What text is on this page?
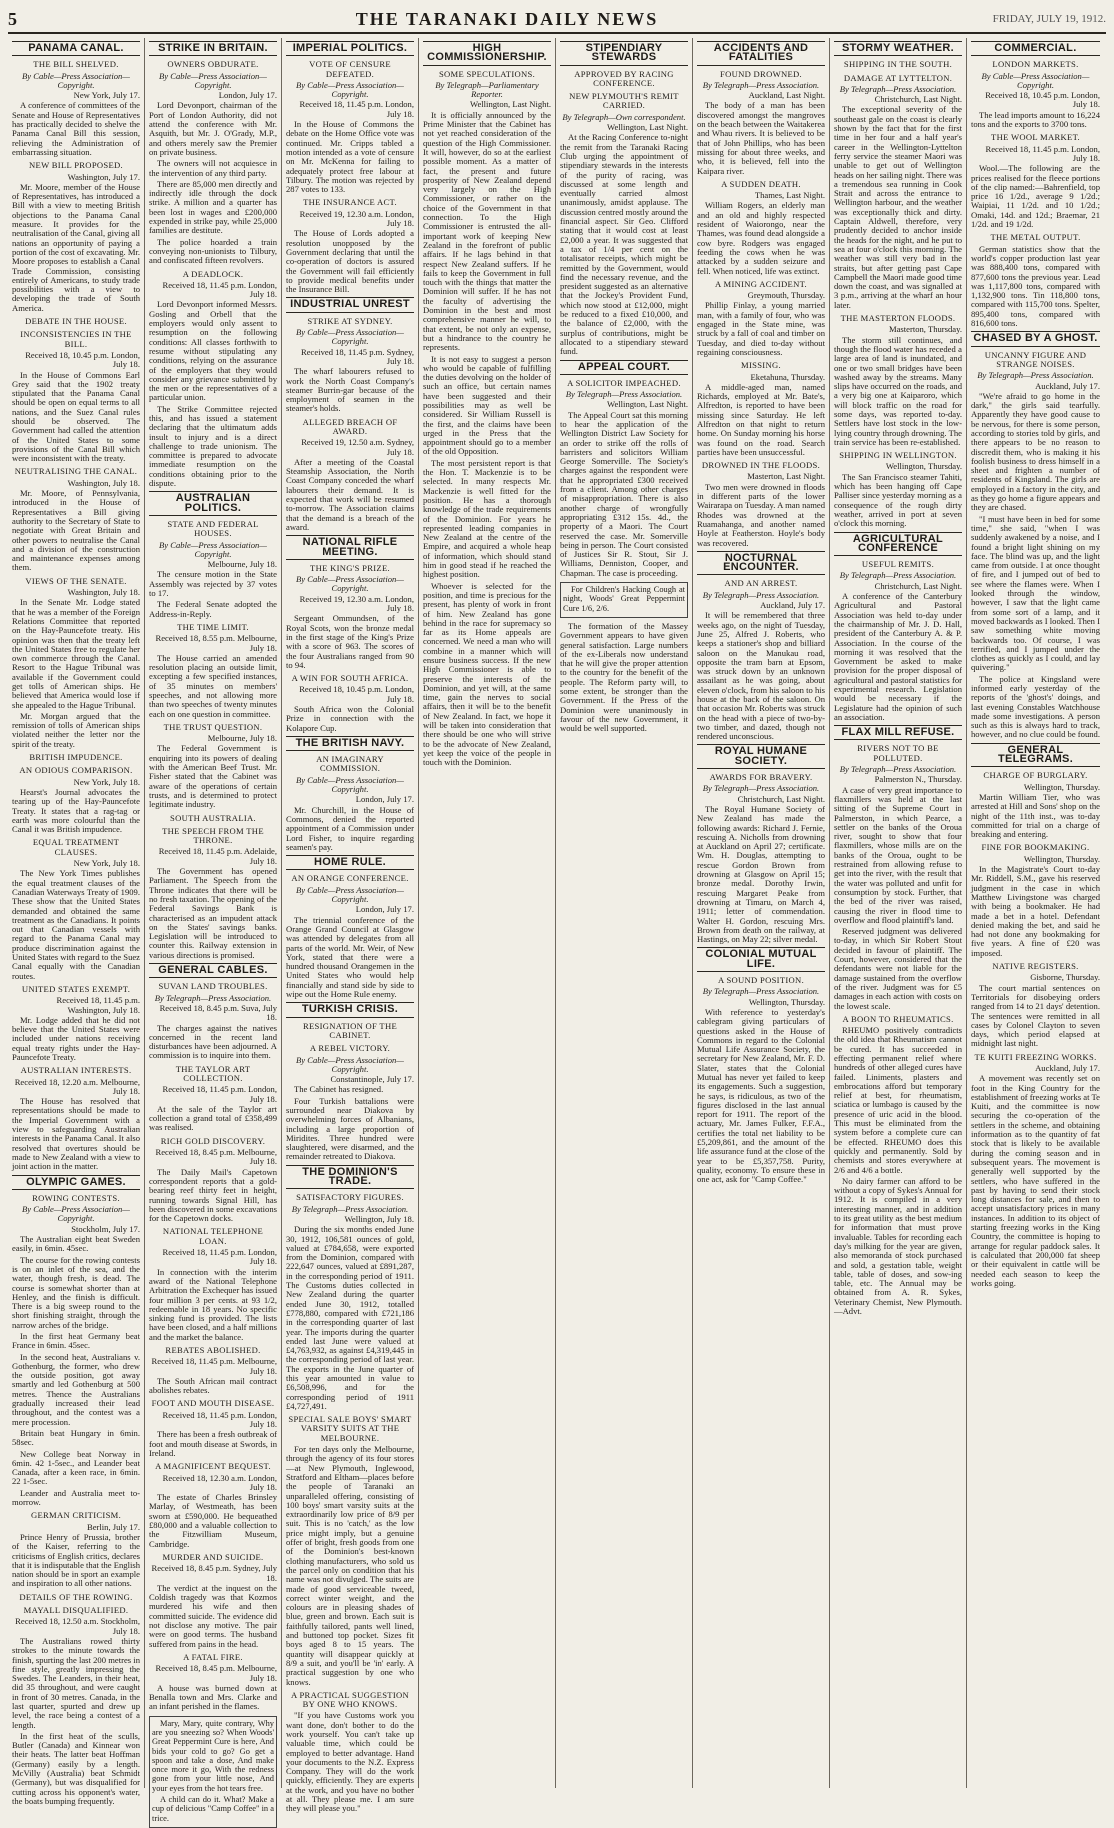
5	THE TARANAKI DAILY NEWS	FRIDAY, JULY 19, 1912.
PANAMA CANAL.
THE BILL SHELVED.
By Cable—Press Association—Copyright.
New York, July 17.

A conference of committees of the Senate and House of Representatives has practically decided to shelve the Panama Canal Bill this session, relieving the Administration of embarrassing situation.

NEW BILL PROPOSED.
Washington, July 17.

Mr. Moore, member of the House of Representatives, has introduced a Bill with a view to meeting British objections to the Panama Canal measure. It provides for the neutralisation of the Canal, giving all nations an opportunity of paying a portion of the cost of excavating. Mr. Moore proposes to establish a Canal Trade Commission, consisting entirely of Americans, to study trade possibilities with a view to developing the trade of South America.

DEBATE IN THE HOUSE.
INCONSISTENCIES IN THE BILL.
Received 18, 10.45 p.m. London, July 18.

In the House of Commons Earl Grey said that the 1902 treaty stipulated that the Panama Canal should be open on equal terms to all nations, and the Suez Canal rules should be observed. The Government had called the attention of the United States to some provisions of the Canal Bill which were inconsistent with the treaty.

NEUTRALISING THE CANAL.
Washington, July 18.

Mr. Moore, of Pennsylvania, introduced in the House of Representatives a Bill giving authority to the Secretary of State to negotiate with Great Britain and other powers to neutralise the Canal and a division of the construction and maintenance expenses among them.

VIEWS OF THE SENATE.
Washington, July 18.

In the Senate Mr. Lodge stated that he was a member of the Foreign Relations Committee that reported on the Hay-Pauncefote treaty. His opinion was then that the treaty left the United States free to regulate her own commerce through the Canal. Resort to the Hague Tribunal was available if the Government could get tolls of American ships. He believed that America would lose if she appealed to the Hague Tribunal.

Mr. Morgan argued that the remission of tolls of American ships violated neither the letter nor the spirit of the treaty.

BRITISH IMPUDENCE.
AN ODIOUS COMPARISON.
New York, July 18.

Hearst's Journal advocates the tearing up of the Hay-Pauncefote Treaty. It states that a rag-tag or earth was more colourful than the Canal it was British impudence.

EQUAL TREATMENT CLAUSES.
New York, July 18.

The New York Times publishes the equal treatment clauses of the Canadian Waterways Treaty of 1909. These show that the United States demanded and obtained the same treatment as the Canadians. It points out that Canadian vessels with regard to the Panama Canal may produce discrimination against the United States with regard to the Suez Canal equally with the Canadian routes.

UNITED STATES EXEMPT.
Received 18, 11.45 p.m. Washington, July 18.

Mr. Lodge added that he did not believe that the United States were included under nations receiving equal treaty rights under the Hay-Pauncefote Treaty.

AUSTRALIAN INTERESTS.
Received 18, 12.20 a.m. Melbourne, July 18.

The House has resolved that representations should be made to the Imperial Government with a view to safeguarding Australian interests in the Panama Canal. It also resolved that overtures should be made to New Zealand with a view to joint action in the matter.

OLYMPIC GAMES.
ROWING CONTESTS.
By Cable—Press Association—Copyright.
Stockholm, July 17.

The Australian eight beat Sweden easily, in 6min. 45sec.

The course for the rowing contests is on an inlet of the sea, and the water, though fresh, is dead. The course is somewhat shorter than at Henley, and the finish is difficult. There is a big sweep round to the short finishing straight, through the narrow arches of the bridge.

In the first heat Germany beat France in 6min. 45sec.

In the second heat, Australians v. Gothenburg, the former, who drew the outside position, got away smartly and led Gothenburg at 500 metres. Thence the Australians gradually increased their lead throughout, and the contest was a mere procession.

Britain beat Hungary in 6min. 58sec.

New College beat Norway in 6min. 42 1-5sec., and Leander beat Canada, after a keen race, in 6min. 22 1-5sec.

Leander and Australia meet to-morrow.

GERMAN CRITICISM.
Berlin, July 17.

Prince Henry of Prussia, brother of the Kaiser, referring to the criticisms of English critics, declares that it is indisputable that the English nation should be in sport an example and inspiration to all other nations.

DETAILS OF THE ROWING.
MAYALL DISQUALIFIED.
Received 18, 12.50 a.m. Stockholm, July 18.

The Australians rowed thirty strokes to the minute towards the finish, spurting the last 200 metres in fine style, greatly impressing the Swedes. The Leanders, in their heat, did 35 throughout, and were caught in front of 30 metres. Canada, in the last quarter, spurted and drew up level, the race being a contest of a length.

In the first heat of the sculls, Butler (Canada) and Kinnear won their heats. The latter beat Hoffman (Germany) easily by a length. McVilly (Australia) beat Schmidt (Germany), but was disqualified for cutting across his opponent's water, the boats bumping frequently.

STRIKE IN BRITAIN.
OWNERS OBDURATE.
By Cable—Press Association—Copyright.
London, July 17.

Lord Devonport, chairman of the Port of London Authority, did not attend the conference with Mr. Asquith, but Mr. J. O'Grady, M.P., and others merely saw the Premier on private business.

The owners will not acquiesce in the intervention of any third party.

There are 85,000 men directly and indirectly idle through the dock strike. A million and a quarter has been lost in wages and £200,000 expended in strike pay, while 25,000 families are destitute.

The police hoarded a train conveying non-unionists to Tilbury, and confiscated fifteen revolvers.

A DEADLOCK.
Received 18, 11.45 p.m. London, July 18.

Lord Devonport informed Messrs. Gosling and Orbell that the employers would only assent to resumption on the following conditions: All classes forthwith to resume without stipulating any conditions, relying on the assurance of the employers that they would consider any grievance submitted by the men or the representatives of a particular union.

The Strike Committee rejected this, and has issued a statement declaring that the ultimatum adds insult to injury and is a direct challenge to trade unionism. The committee is prepared to advocate immediate resumption on the conditions obtaining prior to the dispute.

AUSTRALIAN POLITICS.
STATE AND FEDERAL HOUSES.
By Cable—Press Association—Copyright.
Melbourne, July 18.

The censure motion in the State Assembly was rejected by 37 votes to 17.

The Federal Senate adopted the Address-in-Reply.

THE TIME LIMIT.
Received 18, 8.55 p.m. Melbourne, July 18.

The House carried an amended resolution placing an outside limit, excepting a few specified instances, of 35 minutes on members' speeches, and not allowing more than two speeches of twenty minutes each on one question in committee.

THE TRUST QUESTION.
Melbourne, July 18.

The Federal Government is enquiring into its powers of dealing with the American Beef Trust. Mr. Fisher stated that the Cabinet was aware of the operations of certain trusts, and is determined to protect legitimate industry.

SOUTH AUSTRALIA.
THE SPEECH FROM THE THRONE.
Received 18, 11.45 p.m. Adelaide, July 18.

The Government has opened Parliament. The Speech from the Throne indicates that there will be no fresh taxation. The opening of the Federal Savings Bank is characterised as an impudent attack on the States' savings banks. Legislation will be introduced to counter this. Railway extension in various directions is promised.

GENERAL CABLES.
SUVAN LAND TROUBLES.
By Telegraph—Press Association.
Received 18, 8.45 p.m. Suva, July 18.

The charges against the natives concerned in the recent land disturbances have been adjourned. A commission is to inquire into them.

THE TAYLOR ART COLLECTION.
Received 18, 11.45 p.m. London, July 18.

At the sale of the Taylor art collection a grand total of £358,499 was realised.

RICH GOLD DISCOVERY.
Received 18, 8.45 p.m. Melbourne, July 18.

The Daily Mail's Capetown correspondent reports that a gold-bearing reef thirty feet in height, running towards Signal Hill, has been discovered in some excavations for the Capetown docks.

NATIONAL TELEPHONE LOAN.
Received 18, 11.45 p.m. London, July 18.

In connection with the interim award of the National Telephone Arbitration the Exchequer has issued four million 3 per cents. at 93 1/2, redeemable in 18 years. No specific sinking fund is provided. The lists have been closed, and a half millions and the market the balance.

REBATES ABOLISHED.
Received 18, 11.45 p.m. Melbourne, July 18.

The South African mail contract abolishes rebates.

FOOT AND MOUTH DISEASE.
Received 18, 11.45 p.m. London, July 18.

There has been a fresh outbreak of foot and mouth disease at Swords, in Ireland.

A MAGNIFICENT BEQUEST.
Received 18, 12.30 a.m. London, July 18.

The estate of Charles Brinsley Marlay, of Westmeath, has been sworn at £590,000. He bequeathed £80,000 and a valuable collection to the Fitzwilliam Museum, Cambridge.

MURDER AND SUICIDE.
Received 18, 8.45 p.m. Sydney, July 18.

The verdict at the inquest on the Coldish tragedy was that Kozmos murdered his wife and then committed suicide. The evidence did not disclose any motive. The pair were on good terms. The husband suffered from pains in the head.

A FATAL FIRE.
Received 18, 8.45 p.m. Melbourne, July 18.

A house was burned down at Benalla town and Mrs. Clarke and an infant perished in the flames.

Mary, Mary, quite contrary, Why are you sneezing so? When Woods' Great Peppermint Cure is here, And bids your cold to go? Go get a spoon and take a dose, And make once more it go, With the redness gone from your little nose, And your eyes from the hot tears free.

A child can do it. What? Make a cup of delicious "Camp Coffee" in a trice.

IMPERIAL POLITICS.
VOTE OF CENSURE DEFEATED.
By Cable—Press Association—Copyright.
Received 18, 11.45 p.m. London, July 18.

In the House of Commons the debate on the Home Office vote was continued. Mr. Cripps tabled a motion intended as a vote of censure on Mr. McKenna for failing to adequately protect free labour at Tilbury. The motion was rejected by 287 votes to 133.

THE INSURANCE ACT.
Received 19, 12.30 a.m. London, July 18.

The House of Lords adopted a resolution unopposed by the Government declaring that until the co-operation of doctors is assured the Government will fail efficiently to provide medical benefits under the Insurance Bill.

INDUSTRIAL UNREST
STRIKE AT SYDNEY.
By Cable—Press Association—Copyright.
Received 18, 11.45 p.m. Sydney, July 18.

The wharf labourers refused to work the North Coast Company's steamer Burrin-gar because of the employment of seamen in the steamer's holds.

ALLEGED BREACH OF AWARD.
Received 19, 12.50 a.m. Sydney, July 18.

After a meeting of the Coastal Steamship Association, the North Coast Company conceded the wharf labourers their demand. It is expected that work will be resumed to-morrow. The Association claims that the demand is a breach of the award.

NATIONAL RIFLE MEETING.
THE KING'S PRIZE.
By Cable—Press Association—Copyright.
Received 19, 12.30 a.m. London, July 18.

Sergeant Ommundsen, of the Royal Scots, won the bronze medal in the first stage of the King's Prize with a score of 963. The scores of the four Australians ranged from 90 to 94.

A WIN FOR SOUTH AFRICA.
Received 18, 10.45 p.m. London, July 18.

South Africa won the Colonial Prize in connection with the Kolapore Cup.

THE BRITISH NAVY.
AN IMAGINARY COMMISSION.
By Cable—Press Association—Copyright.
London, July 17.

Mr. Churchill, in the House of Commons, denied the reported appointment of a Commission under Lord Fisher, to inquire regarding seamen's pay.

HOME RULE.
AN ORANGE CONFERENCE.
By Cable—Press Association—Copyright.
London, July 17.

The triennial conference of the Orange Grand Council at Glasgow was attended by delegates from all parts of the world. Mr. Weir, of New York, stated that there were a hundred thousand Orangemen in the United States who would help financially and stand side by side to wipe out the Home Rule enemy.

TURKISH CRISIS.
RESIGNATION OF THE CABINET.
A REBEL VICTORY.
By Cable—Press Association—Copyright.
Constantinople, July 17.

The Cabinet has resigned.

Four Turkish battalions were surrounded near Diakova by overwhelming forces of Albanians, including a large proportion of Miridites. Three hundred were slaughtered, were disarmed, and the remainder retreated to Diakova.

THE DOMINION'S TRADE.
SATISFACTORY FIGURES.
By Telegraph—Press Association.
Wellington, July 18.

During the six months ended June 30, 1912, 106,581 ounces of gold, valued at £784,658, were exported from the Dominion, compared with 222,647 ounces, valued at £891,287, in the corresponding period of 1911. The Customs duties collected in New Zealand during the quarter ended June 30, 1912, totalled £778,880, compared with £721,186 in the corresponding quarter of last year. The imports during the quarter ended last June were valued at £4,763,932, as against £4,319,445 in the corresponding period of last year. The exports in the June quarter of this year amounted in value to £6,508,996, and for the corresponding period of 1911 £4,727,491.

SPECIAL SALE BOYS' SMART VARSITY SUITS AT THE MELBOURNE.

For ten days only the Melbourne, through the agency of its four stores—at New Plymouth, Inglewood, Stratford and Eltham—places before the people of Taranaki an unparalleled offering, consisting of 100 boys' smart varsity suits at the extraordinarily low price of 8/9 per suit. This is no 'catch,' as the low price might imply, but a genuine offer of bright, fresh goods from one of the Dominion's best-known clothing manufacturers, who sold us the parcel only on condition that his name was not divulged. The suits are made of good serviceable tweed, correct winter weight, and the colours are in pleasing shades of blue, green and brown. Each suit is faithfully tailored, pants well lined, and buttoned top pocket. Sizes fit boys aged 8 to 15 years. The quantity will disappear quickly at 8/9 a suit, and you'll be 'in' early. A practical suggestion by one who knows.

A PRACTICAL SUGGESTION BY ONE WHO KNOWS.

"If you have Customs work you want done, don't bother to do the work yourself. You can't take up valuable time, which could be employed to better advantage. Hand your documents to the N.Z. Express Company. They will do the work quickly, efficiently. They are experts at the work, and you have no bother at all. They please me. I am sure they will please you."

HIGH COMMISSIONERSHIP.
SOME SPECULATIONS.
By Telegraph—Parliamentary Reporter.
Wellington, Last Night.

It is officially announced by the Prime Minister that the Cabinet has not yet reached consideration of the question of the High Commissioner. It will, however, do so at the earliest possible moment. As a matter of fact, the present and future prosperity of New Zealand depend very largely on the High Commissioner, or rather on the choice of the Government in that connection. To the High Commissioner is entrusted the all-important work of keeping New Zealand in the forefront of public affairs. If he lags behind in that respect New Zealand suffers. If he fails to keep the Government in full touch with the things that matter the Dominion will suffer. If he has not the faculty of advertising the Dominion in the best and most comprehensive manner he will, to that extent, be not only an expense, but a hindrance to the country he represents.

It is not easy to suggest a person who would be capable of fulfilling the duties devolving on the holder of such an office, but certain names have been suggested and their possibilities may as well be considered. Sir William Russell is the first, and the claims have been urged in the Press that the appointment should go to a member of the old Opposition.

The most persistent report is that the Hon. T. Mackenzie is to be selected. In many respects Mr. Mackenzie is well fitted for the position. He has a thorough knowledge of the trade requirements of the Dominion. For years he represented leading companies in New Zealand at the centre of the Empire, and acquired a whole heap of information, which should stand him in good stead if he reached the highest position.

Whoever is selected for the position, and time is precious for the present, has plenty of work in front of him. New Zealand has gone behind in the race for supremacy so far as its Home appeals are concerned. We need a man who will combine in a manner which will ensure business success. If the new High Commissioner is able to preserve the interests of the Dominion, and yet will, at the same time, gain the nerves to social affairs, then it will be to the benefit of New Zealand. In fact, we hope it will be taken into consideration that there should be one who will strive to be the advocate of New Zealand, yet keep the voice of the people in touch with the Dominion.

STIPENDIARY STEWARDS
APPROVED BY RACING CONFERENCE.
NEW PLYMOUTH'S REMIT CARRIED.
By Telegraph—Own correspondent.
Wellington, Last Night.

At the Racing Conference to-night the remit from the Taranaki Racing Club urging the appointment of stipendiary stewards in the interests of the purity of racing, was discussed at some length and eventually carried almost unanimously, amidst applause. The discussion centred mostly around the financial aspect. Sir Geo. Clifford stating that it would cost at least £2,000 a year. It was suggested that a tax of 1/4 per cent on the totalisator receipts, which might be remitted by the Government, would find the necessary revenue, and the president suggested as an alternative that the Jockey's Provident Fund, which now stood at £12,000, might be reduced to a fixed £10,000, and the balance of £2,000, with the surplus of contributions, might be allocated to a stipendiary steward fund.

APPEAL COURT.
A SOLICITOR IMPEACHED.
By Telegraph—Press Association.
Wellington, Last Night.

The Appeal Court sat this morning to hear the application of the Wellington District Law Society for an order to strike off the rolls of barristers and solicitors William George Somerville. The Society's charges against the respondent were that he appropriated £300 received from a client. Among other charges of misappropriation. There is also another charge of wrongfully appropriating £312 15s. 4d., the property of a Maori. The Court reserved the case. Mr. Somerville being in person. The Court consisted of Justices Sir R. Stout, Sir J. Williams, Denniston, Cooper, and Chapman. The case is proceeding.

For Children's Hacking Cough at night, Woods' Great Peppermint Cure 1/6, 2/6.

The formation of the Massey Government appears to have given general satisfaction. Large numbers of the ex-Liberals now understand that he will give the proper attention to the country for the benefit of the people. The Reform party will, to some extent, be stronger than the Government. If the Press of the Dominion were unanimously in favour of the new Government, it would be well supported.

ACCIDENTS AND FATALITIES
FOUND DROWNED.
By Telegraph—Press Association.
Auckland, Last Night.

The body of a man has been discovered amongst the mangroves on the beach between the Waitakerea and Whau rivers. It is believed to be that of John Phillips, who has been missing for about three weeks, and who, it is believed, fell into the Kaipara river.

A SUDDEN DEATH.
Thames, Last Night.

William Rogers, an elderly man and an old and highly respected resident of Waiorongo, near the Thames, was found dead alongside a cow byre. Rodgers was engaged feeding the cows when he was attacked by a sudden seizure and fell. When noticed, life was extinct.

A MINING ACCIDENT.
Greymouth, Thursday.

Phillip Finlay, a young married man, with a family of four, who was engaged in the State mine, was struck by a fall of coal and timber on Tuesday, and died to-day without regaining consciousness.

MISSING.
Eketahuna, Thursday.

A middle-aged man, named Richards, employed at Mr. Bate's, Alfredton, is reported to have been missing since Saturday. He left Alfredton on that night to return home. On Sunday morning his horse was found on the road. Search parties have been unsuccessful.

DROWNED IN THE FLOODS.
Masterton, Last Night.

Two men were drowned in floods in different parts of the lower Wairarapa on Tuesday. A man named Rhodes was drowned at the Ruamahanga, and another named Hoyle at Featherston. Hoyle's body was recovered.

NOCTURNAL ENCOUNTER.
AND AN ARREST.
By Telegraph—Press Association.
Auckland, July 17.

It will be remembered that three weeks ago, on the night of Tuesday, June 25, Alfred J. Roberts, who keeps a stationer's shop and billiard saloon on the Manukau road, opposite the tram barn at Epsom, was struck down by an unknown assailant as he was going, about eleven o'clock, from his saloon to his house at the back of the saloon. On that occasion Mr. Roberts was struck on the head with a piece of two-by-two timber, and dazed, though not rendered unconscious.

ROYAL HUMANE SOCIETY.
AWARDS FOR BRAVERY.
By Telegraph—Press Association.
Christchurch, Last Night.

The Royal Humane Society of New Zealand has made the following awards: Richard J. Fernie, rescuing A. Nicholls from drowning at Auckland on April 27; certificate. Wm. H. Douglas, attempting to rescue Gordon Brown from drowning at Glasgow on April 15; bronze medal. Dorothy Irwin, rescuing Margaret Peake from drowning at Timaru, on March 4, 1911; letter of commendation. Walter H. Gordon, rescuing Mrs. Brown from death on the railway, at Hastings, on May 22; silver medal.

COLONIAL MUTUAL LIFE.
A SOUND POSITION.
By Telegraph—Press Association.
Wellington, Thursday.

With reference to yesterday's cablegram giving particulars of questions asked in the House of Commons in regard to the Colonial Mutual Life Assurance Society, the secretary for New Zealand, Mr. F. D. Slater, states that the Colonial Mutual has never yet failed to keep its engagements. Such a suggestion, he says, is ridiculous, as two of the figures disclosed in the last annual report for 1911. The report of the actuary, Mr. James Fulker, F.F.A., certifies the total net liability to be £5,209,861, and the amount of the life assurance fund at the close of the year to be £5,357,758. Purity, quality, economy. To ensure these in one act, ask for "Camp Coffee."

STORMY WEATHER.
SHIPPING IN THE SOUTH.
DAMAGE AT LYTTELTON.
By Telegraph—Press Association.
Christchurch, Last Night.

The exceptional severity of the southeast gale on the coast is clearly shown by the fact that for the first time in her four and a half year's career in the Wellington-Lyttelton ferry service the steamer Maori was unable to get out of Wellington heads on her sailing night. There was a tremendous sea running in Cook Strait and across the entrance to Wellington harbour, and the weather was exceptionally thick and dirty. Captain Aldwell, therefore, very prudently decided to anchor inside the heads for the night, and he put to sea at four o'clock this morning. The weather was still very bad in the straits, but after getting past Cape Campbell the Maori made good time down the coast, and was signalled at 3 p.m., arriving at the wharf an hour later.

THE MASTERTON FLOODS.
Masterton, Thursday.

The storm still continues, and though the flood water has receded a large area of land is inundated, and one or two small bridges have been washed away by the streams. Many slips have occurred on the roads, and a very big one at Kaiparoro, which will block traffic on the road for some days, was reported to-day. Settlers have lost stock in the low-lying country through drowning. The train service has been re-established.

SHIPPING IN WELLINGTON.
Wellington, Thursday.

The San Francisco steamer Tahiti, which has been hanging off Cape Palliser since yesterday morning as a consequence of the rough dirty weather, arrived in port at seven o'clock this morning.

AGRICULTURAL CONFERENCE
USEFUL REMITS.
By Telegraph—Press Association.
Christchurch, Last Night.

A conference of the Canterbury Agricultural and Pastoral Association was held to-day under the chairmanship of Mr. J. D. Hall, president of the Canterbury A. & P. Association. In the course of the morning it was resolved that the Government be asked to make provision for the proper disposal of agricultural and pastoral statistics for experimental research. Legislation would be necessary if the Legislature had the opinion of such an association.

FLAX MILL REFUSE.
RIVERS NOT TO BE POLLUTED.
By Telegraph—Press Association.
Palmerston N., Thursday.

A case of very great importance to flaxmillers was held at the last sitting of the Supreme Court in Palmerston, in which Pearce, a settler on the banks of the Oroua river, sought to show that four flaxmillers, whose mills are on the banks of the Oroua, ought to be restrained from allowing refuse to get into the river, with the result that the water was polluted and unfit for consumption by stock. Further, that the bed of the river was raised, causing the river in flood time to overflow and flood plaintiff's land.

Reserved judgment was delivered to-day, in which Sir Robert Stout decided in favour of plaintiff. The Court, however, considered that the defendants were not liable for the damage sustained from the overflow of the river. Judgment was for £5 damages in each action with costs on the lowest scale.

A BOON TO RHEUMATICS.

RHEUMO positively contradicts the old idea that Rheumatism cannot be cured. It has succeeded in effecting permanent relief where hundreds of other alleged cures have failed. Liniments, plasters and embrocations afford but temporary relief at best, for rheumatism, sciatica or lumbago is caused by the presence of uric acid in the blood. This must be eliminated from the system before a complete cure can be effected. RHEUMO does this quickly and permanently. Sold by chemists and stores everywhere at 2/6 and 4/6 a bottle.

No dairy farmer can afford to be without a copy of Sykes's Annual for 1912. It is compiled in a very interesting manner, and in addition to its great utility as the best medium for information that must prove invaluable. Tables for recording each day's milking for the year are given, also memoranda of stock purchased and sold, a gestation table, weight table, table of doses, and sow-ing table, etc. The Annual may be obtained from A. R. Sykes, Veterinary Chemist, New Plymouth.—Advt.

COMMERCIAL.
LONDON MARKETS.
By Cable—Press Association—Copyright.
Received 18, 10.45 p.m. London, July 18.

The lead imports amount to 16,224 tons and the exports to 3700 tons.

THE WOOL MARKET.
Received 18, 11.45 p.m. London, July 18.

Wool.—The following are the prices realised for the fleece portions of the clip named:—Bahrenfield, top price 16 1/2d., average 9 1/2d.; Waipiai, 11 1/2d. and 10 1/2d.; Omaki, 14d. and 12d.; Braemar, 21 1/2d. and 19 1/2d.

THE METAL OUTPUT.

German statistics show that the world's copper production last year was 888,400 tons, compared with 877,600 tons the previous year. Lead was 1,117,800 tons, compared with 1,132,900 tons. Tin 118,800 tons, compared with 115,700 tons. Spelter, 895,400 tons, compared with 816,600 tons.

CHASED BY A GHOST.
UNCANNY FIGURE AND STRANGE NOISES.
By Telegraph—Press Association.
Auckland, July 17.

"We're afraid to go home in the dark," the girls said tearfully. Apparently they have good cause to be nervous, for there is some person, according to stories told by girls, and there appears to be no reason to discredit them, who is making it his foolish business to dress himself in a sheet and frighten a number of residents of Kingsland. The girls are employed in a factory in the city, and as they go home a figure appears and they are chased.

"I must have been in bed for some time," she said, "when I was suddenly awakened by a noise, and I found a bright light shining on my face. The blind was up, and the light came from outside. I at once thought of fire, and I jumped out of bed to see where the flames were. When I looked through the window, however, I saw that the light came from some sort of a lamp, and it moved backwards as I looked. Then I saw something white moving backwards too. Of course, I was terrified, and I jumped under the clothes as quickly as I could, and lay quivering."

The police at Kingsland were informed early yesterday of the reports of the 'ghost's' doings, and last evening Constables Watchhouse made some investigations. A person such as this is always hard to track, however, and no clue could be found.

GENERAL TELEGRAMS.
CHARGE OF BURGLARY.
Wellington, Thursday.

Martin William Tier, who was arrested at Hill and Sons' shop on the night of the 11th inst., was to-day committed for trial on a charge of breaking and entering.

FINE FOR BOOKMAKING.
Wellington, Thursday.

In the Magistrate's Court to-day Mr. Riddell, S.M., gave his reserved judgment in the case in which Matthew Livingstone was charged with being a bookmaker. He had made a bet in a hotel. Defendant denied making the bet, and said he had not done any bookmaking for five years. A fine of £20 was imposed.

NATIVE REGISTERS.
Gisborne, Thursday.

The court martial sentences on Territorials for disobeying orders ranged from 14 to 21 days' detention. The sentences were remitted in all cases by Colonel Clayton to seven days, which period elapsed at midnight last night.

TE KUITI FREEZING WORKS.
Auckland, July 17.

A movement was recently set on foot in the King Country for the establishment of freezing works at Te Kuiti, and the committee is now securing the co-operation of the settlers in the scheme, and obtaining information as to the quantity of fat stock that is likely to be available during the coming season and in subsequent years. The movement is generally well supported by the settlers, who have suffered in the past by having to send their stock long distances for sale, and then to accept unsatisfactory prices in many instances. In addition to its object of starting freezing works in the King Country, the committee is hoping to arrange for regular paddock sales. It is calculated that 200,000 fat sheep or their equivalent in cattle will be needed each season to keep the works going.
